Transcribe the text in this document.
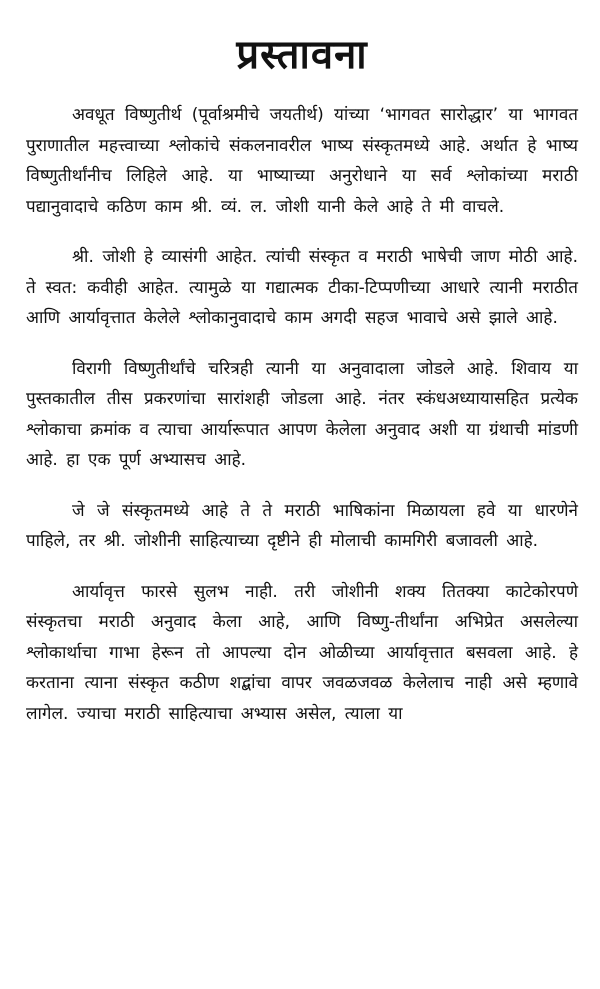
प्रस्तावना

अवधूत विष्णुतीर्थ (पूर्वाश्रमीचे जयतीर्थ) यांच्या ‘भागवत सारोद्धार’ या भागवत पुराणातील महत्त्वाच्या श्लोकांचे संकलनावरील भाष्य संस्कृतमध्ये आहे. अर्थात हे भाष्य विष्णुतीर्थांनीच लिहिले आहे. या भाष्याच्या अनुरोधाने या सर्व श्लोकांच्या मराठी पद्यानुवादाचे कठिण काम श्री. व्यं. ल. जोशी यानी केले आहे ते मी वाचले.

श्री. जोशी हे व्यासंगी आहेत. त्यांची संस्कृत व मराठी भाषेची जाण मोठी आहे. ते स्वत: कवीही आहेत. त्यामुळे या गद्यात्मक टीका-टिप्पणीच्या आधारे त्यानी मराठीत आणि आर्यावृत्तात केलेले श्लोकानुवादाचे काम अगदी सहज भावाचे असे झाले आहे.

विरागी विष्णुतीर्थांचे चरित्रही त्यानी या अनुवादाला जोडले आहे. शिवाय या पुस्तकातील तीस प्रकरणांचा सारांशही जोडला आहे. नंतर स्कंधअध्यायासहित प्रत्येक श्लोकाचा क्रमांक व त्याचा आर्यारूपात आपण केलेला अनुवाद अशी या ग्रंथाची मांडणी आहे. हा एक पूर्ण अभ्यासच आहे.

जे जे संस्कृतमध्ये आहे ते ते मराठी भाषिकांना मिळायला हवे या धारणेने पाहिले, तर श्री. जोशीनी साहित्याच्या दृष्टीने ही मोलाची कामगिरी बजावली आहे.

आर्यावृत्त फारसे सुलभ नाही. तरी जोशीनी शक्य तितक्या काटेकोरपणे संस्कृतचा मराठी अनुवाद केला आहे, आणि विष्णु-तीर्थांना अभिप्रेत असलेल्या श्लोकार्थाचा गाभा हेरून तो आपल्या दोन ओळीच्या आर्यावृत्तात बसवला आहे. हे करताना त्याना संस्कृत कठीण शद्बांचा वापर जवळजवळ केलेलाच नाही असे म्हणावे लागेल. ज्याचा मराठी साहित्याचा अभ्यास असेल, त्याला या
